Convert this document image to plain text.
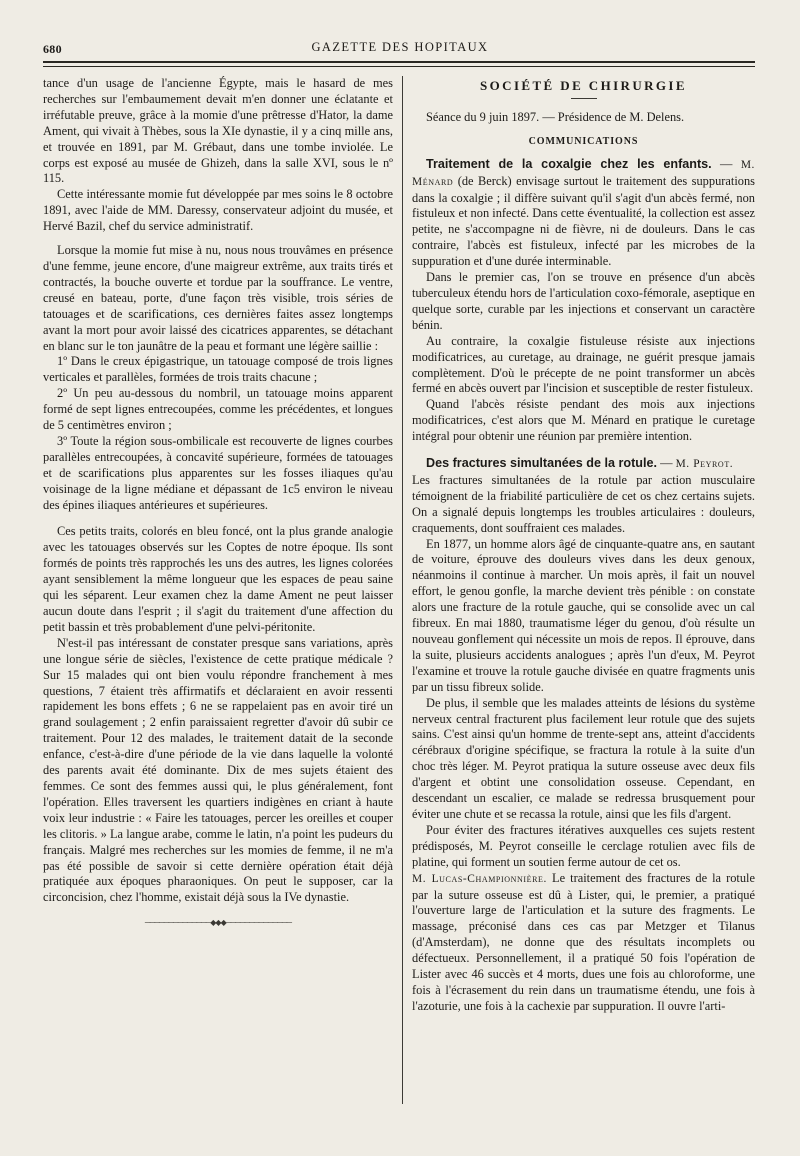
680	GAZETTE DES HOPITAUX

tance d'un usage de l'ancienne Égypte, mais le hasard de mes recherches sur l'embaumement devait m'en donner une éclatante et irréfutable preuve, grâce à la momie d'une prêtresse d'Hator, la dame Ament, qui vivait à Thèbes, sous la XIe dynastie, il y a cinq mille ans, et trouvée en 1891, par M. Grébaut, dans une tombe inviolée. Le corps est exposé au musée de Ghizeh, dans la salle XVI, sous le nº 115.

Cette intéressante momie fut développée par mes soins le 8 octobre 1891, avec l'aide de MM. Daressy, conservateur adjoint du musée, et Hervé Bazil, chef du service administratif.

Lorsque la momie fut mise à nu, nous nous trouvâmes en présence d'une femme, jeune encore, d'une maigreur extrême, aux traits tirés et contractés, la bouche ouverte et tordue par la souffrance. Le ventre, creusé en bateau, porte, d'une façon très visible, trois séries de tatouages et de scarifications, ces dernières faites assez longtemps avant la mort pour avoir laissé des cicatrices apparentes, se détachant en blanc sur le ton jaunâtre de la peau et formant une légère saillie :

1º Dans le creux épigastrique, un tatouage composé de trois lignes verticales et parallèles, formées de trois traits chacune ;

2º Un peu au-dessous du nombril, un tatouage moins apparent formé de sept lignes entrecoupées, comme les précédentes, et longues de 5 centimètres environ ;

3º Toute la région sous-ombilicale est recouverte de lignes courbes parallèles entrecoupées, à concavité supérieure, formées de tatouages et de scarifications plus apparentes sur les fosses iliaques qu'au voisinage de la ligne médiane et dépassant de 1c5 environ le niveau des épines iliaques antérieures et supérieures.

Ces petits traits, colorés en bleu foncé, ont la plus grande analogie avec les tatouages observés sur les Coptes de notre époque. Ils sont formés de points très rapprochés les uns des autres, les lignes colorées ayant sensiblement la même longueur que les espaces de peau saine qui les séparent. Leur examen chez la dame Ament ne peut laisser aucun doute dans l'esprit ; il s'agit du traitement d'une affection du petit bassin et très probablement d'une pelvi-péritonite.

N'est-il pas intéressant de constater presque sans variations, après une longue série de siècles, l'existence de cette pratique médicale ? Sur 15 malades qui ont bien voulu répondre franchement à mes questions, 7 étaient très affirmatifs et déclaraient en avoir ressenti rapidement les bons effets ; 6 ne se rappelaient pas en avoir tiré un grand soulagement ; 2 enfin paraissaient regretter d'avoir dû subir ce traitement. Pour 12 des malades, le traitement datait de la seconde enfance, c'est-à-dire d'une période de la vie dans laquelle la volonté des parents avait été dominante. Dix de mes sujets étaient des femmes. Ce sont des femmes aussi qui, le plus généralement, font l'opération. Elles traversent les quartiers indigènes en criant à haute voix leur industrie : « Faire les tatouages, percer les oreilles et couper les clitoris. » La langue arabe, comme le latin, n'a point les pudeurs du français. Malgré mes recherches sur les momies de femme, il ne m'a pas été possible de savoir si cette dernière opération était déjà pratiquée aux époques pharaoniques. On peut le supposer, car la circoncision, chez l'homme, existait déjà sous la IVe dynastie.

──────────────◆◆◆──────────────
SOCIÉTÉ DE CHIRURGIE

Séance du 9 juin 1897. — Présidence de M. Delens.

COMMUNICATIONS

Traitement de la coxalgie chez les enfants. — M. Ménard (de Berck) envisage surtout le traitement des suppurations dans la coxalgie ; il diffère suivant qu'il s'agit d'un abcès fermé, non fistuleux et non infecté. Dans cette éventualité, la collection est assez petite, ne s'accompagne ni de fièvre, ni de douleurs. Dans le cas contraire, l'abcès est fistuleux, infecté par les microbes de la suppuration et d'une durée interminable.

Dans le premier cas, l'on se trouve en présence d'un abcès tuberculeux étendu hors de l'articulation coxo-fémorale, aseptique en quelque sorte, curable par les injections et conservant un caractère bénin.

Au contraire, la coxalgie fistuleuse résiste aux injections modificatrices, au curetage, au drainage, ne guérit presque jamais complètement. D'où le précepte de ne point transformer un abcès fermé en abcès ouvert par l'incision et susceptible de rester fistuleux.

Quand l'abcès résiste pendant des mois aux injections modificatrices, c'est alors que M. Ménard en pratique le curetage intégral pour obtenir une réunion par première intention.

Des fractures simultanées de la rotule. — M. Peyrot.

Les fractures simultanées de la rotule par action musculaire témoignent de la friabilité particulière de cet os chez certains sujets. On a signalé depuis longtemps les troubles articulaires : douleurs, craquements, dont souffraient ces malades.

En 1877, un homme alors âgé de cinquante-quatre ans, en sautant de voiture, éprouve des douleurs vives dans les deux genoux, néanmoins il continue à marcher. Un mois après, il fait un nouvel effort, le genou gonfle, la marche devient très pénible : on constate alors une fracture de la rotule gauche, qui se consolide avec un cal fibreux. En mai 1880, traumatisme léger du genou, d'où résulte un nouveau gonflement qui nécessite un mois de repos. Il éprouve, dans la suite, plusieurs accidents analogues ; après l'un d'eux, M. Peyrot l'examine et trouve la rotule gauche divisée en quatre fragments unis par un tissu fibreux solide.

De plus, il semble que les malades atteints de lésions du système nerveux central fracturent plus facilement leur rotule que des sujets sains. C'est ainsi qu'un homme de trente-sept ans, atteint d'accidents cérébraux d'origine spécifique, se fractura la rotule à la suite d'un choc très léger. M. Peyrot pratiqua la suture osseuse avec deux fils d'argent et obtint une consolidation osseuse. Cependant, en descendant un escalier, ce malade se redressa brusquement pour éviter une chute et se recassa la rotule, ainsi que les fils d'argent.

Pour éviter des fractures itératives auxquelles ces sujets restent prédisposés, M. Peyrot conseille le cerclage rotulien avec fils de platine, qui forment un soutien ferme autour de cet os.

M. Lucas-Championnière. Le traitement des fractures de la rotule par la suture osseuse est dû à Lister, qui, le premier, a pratiqué l'ouverture large de l'articulation et la suture des fragments. Le massage, préconisé dans ces cas par Metzger et Tilanus (d'Amsterdam), ne donne que des résultats incomplets ou défectueux. Personnellement, il a pratiqué 50 fois l'opération de Lister avec 46 succès et 4 morts, dues une fois au chloroforme, une fois à l'écrasement du rein dans un traumatisme étendu, une fois à l'azoturie, une fois à la cachexie par suppuration. Il ouvre l'arti-
